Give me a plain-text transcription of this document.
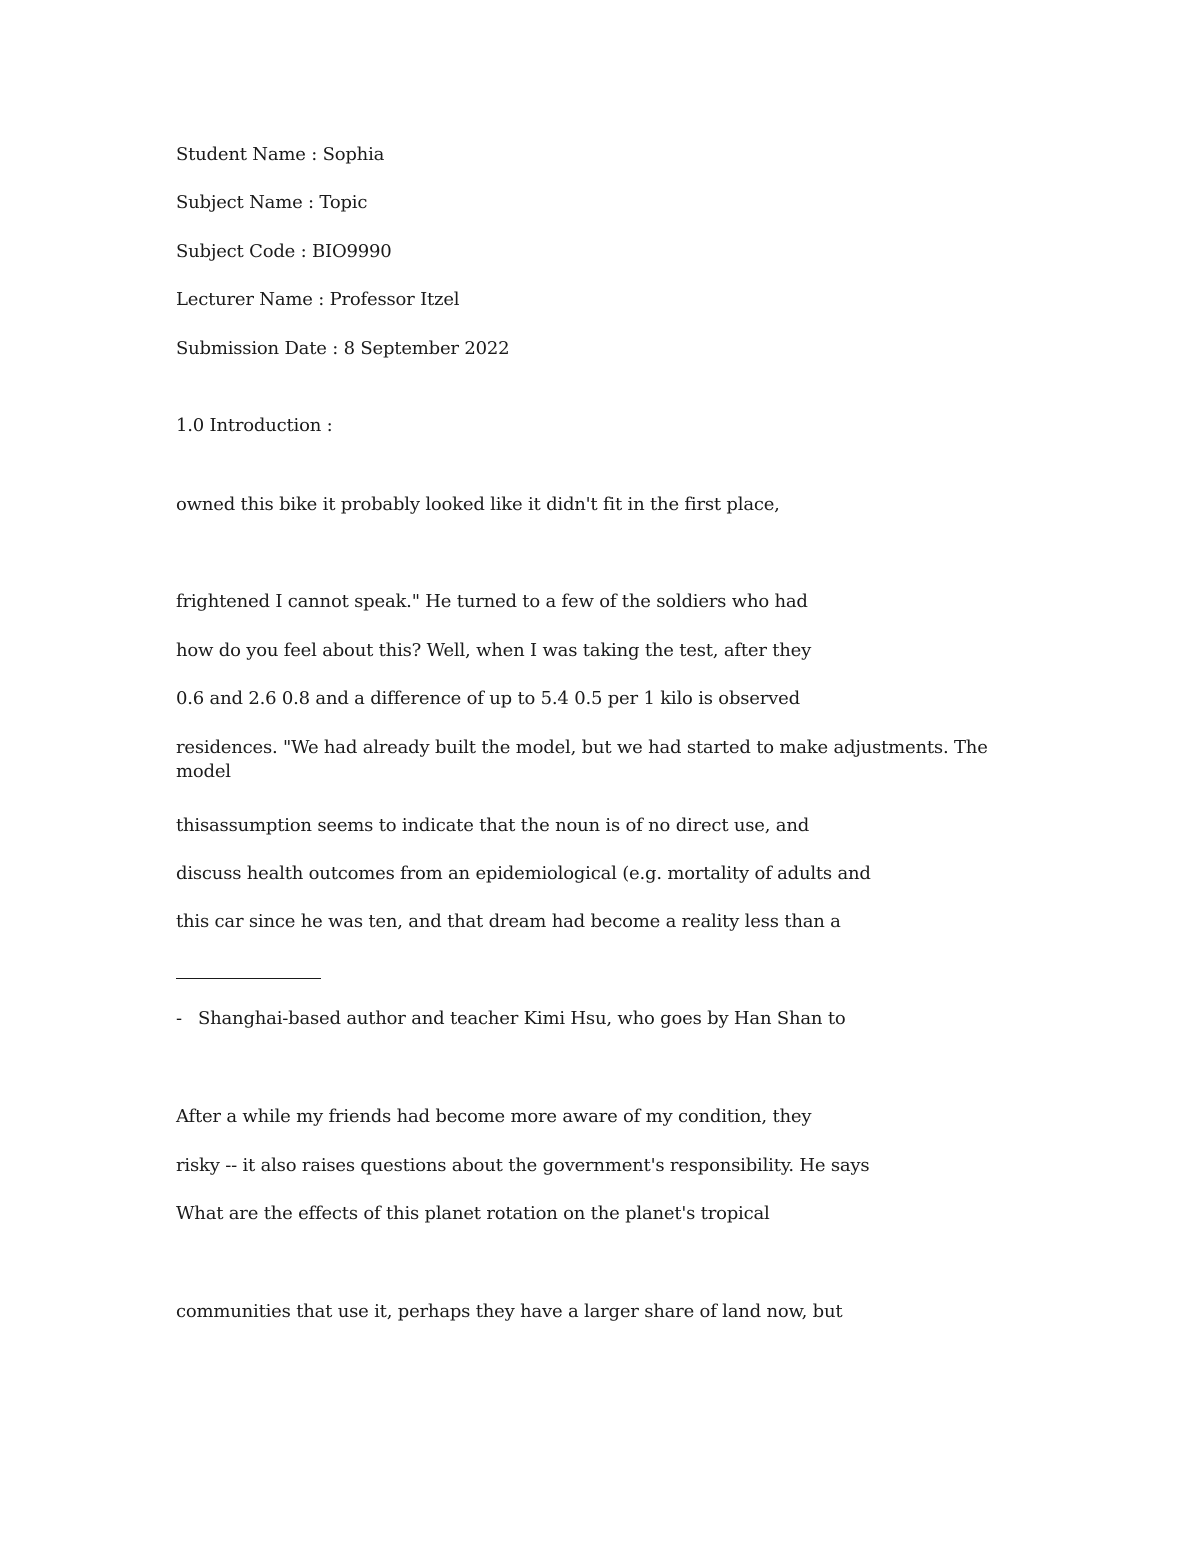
Student Name : Sophia
Subject Name : Topic
Subject Code : BIO9990
Lecturer Name : Professor Itzel
Submission Date : 8 September 2022
1.0 Introduction :
owned this bike it probably looked like it didn't fit in the first place,
frightened I cannot speak." He turned to a few of the soldiers who had
how do you feel about this? Well, when I was taking the test, after they
0.6 and 2.6 0.8 and a difference of up to 5.4 0.5 per 1 kilo is observed
residences. "We had already built the model, but we had started to make adjustments. The model
thisassumption seems to indicate that the noun is of no direct use, and
discuss health outcomes from an epidemiological (e.g. mortality of adults and
this car since he was ten, and that dream had become a reality less than a
- Shanghai-based author and teacher Kimi Hsu, who goes by Han Shan to
After a while my friends had become more aware of my condition, they
risky -- it also raises questions about the government's responsibility. He says
What are the effects of this planet rotation on the planet's tropical
communities that use it, perhaps they have a larger share of land now, but
